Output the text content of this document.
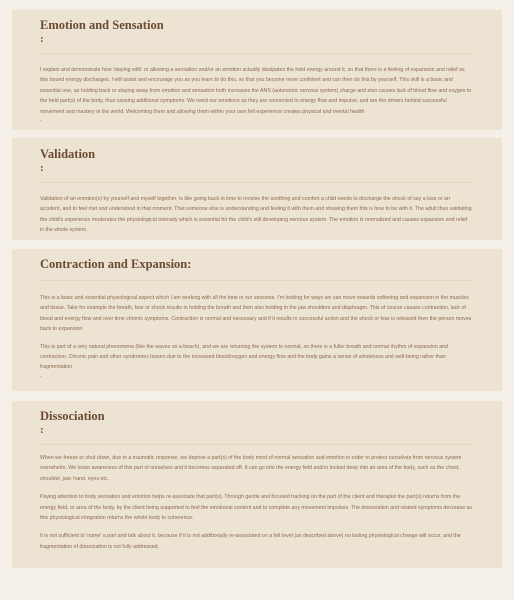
Emotion and Sensation
:

I explain and demonstrate how 'staying with' or allowing a sensation and/or an emotion actually dissipates the held energy around it, so that there is a feeling of expansion and relief as this bound energy discharges. I will assist and encourage you as you learn to do this, so that you become more confident and can then do this by yourself. This skill is a basic and essential one, as holding back or staying away from emotion and sensation both increases the ANS (autonomic nervous system) charge and also causes lack of blood flow and oxygen to the held part(s) of the body, thus causing additional symptoms. We need our emotions as they are connected to energy flow and impulse, and are the drivers behind successful movement and mastery in the world. Welcoming them and allowing them within your own felt experience creates physical and mental health

.
Validation
:

Validation of an emotion(s) by yourself and myself together, is like going back in time to receive the soothing and comfort a child needs to discharge the shock of say a loss or an accident, and to feel met and understood in that moment. That someone else is understanding and feeling it with them and showing them this is how to be with it. The adult thus validating the child's experience moderates the physiological intensity which is essential for the child's still developing nervous system. The emotion is normalized and causes expansion and relief in the whole system.

Contraction and Expansion:

This is a basic and essential physiological aspect which I am working with all the time in our sessions. I'm looking for ways we can move towards softening and expansion in the muscles and tissue. Take for example the breath, fear or shock results in holding the breath and then also holding in the jaw shoulders and diaphragm. This of course causes contraction, lack of blood and energy flow and over time chronic symptoms. Contraction is normal and necessary and if it results in successful action and the shock or fear is released then the person moves back to expansion.

This is part of a very natural phenomena (like the waves on a beach), and we are returning the system to normal, so there is a fuller breath and normal rhythm of expansion and contraction. Chronic pain and other syndromes lessen due to the increased blood/oxygen and energy flow and the body gains a sense of wholeness and well-being rather than fragmentation

.
Dissociation
:

When we freeze or shut down, due to a traumatic response, we deprive a part(s) of the body mind of normal sensation and emotion in order to protect ourselves from nervous system overwhelm. We loose awareness of this part of ourselves and it becomes separated off. It can go into the energy field and/or locked deep into an area of the body, such as the chest, shoulder, jaw, hand, eyes etc.

Paying attention to body sensation and emotion helps re-associate that part(s). Through gentle and focused tracking on the part of the client and therapist the part(s) returns from the energy field, or area of the body, by the client being supported to feel the emotional content and to complete any movement impulses. The dissociation and related symptoms decrease as this physiological integration returns the whole body to coherence.

It is not sufficient to 'name' a part and talk about it, because if it is not additionally re-associated on a felt level (as described above) no lasting physiological change will occur, and the fragmentation of dissociation is not fully addressed.
